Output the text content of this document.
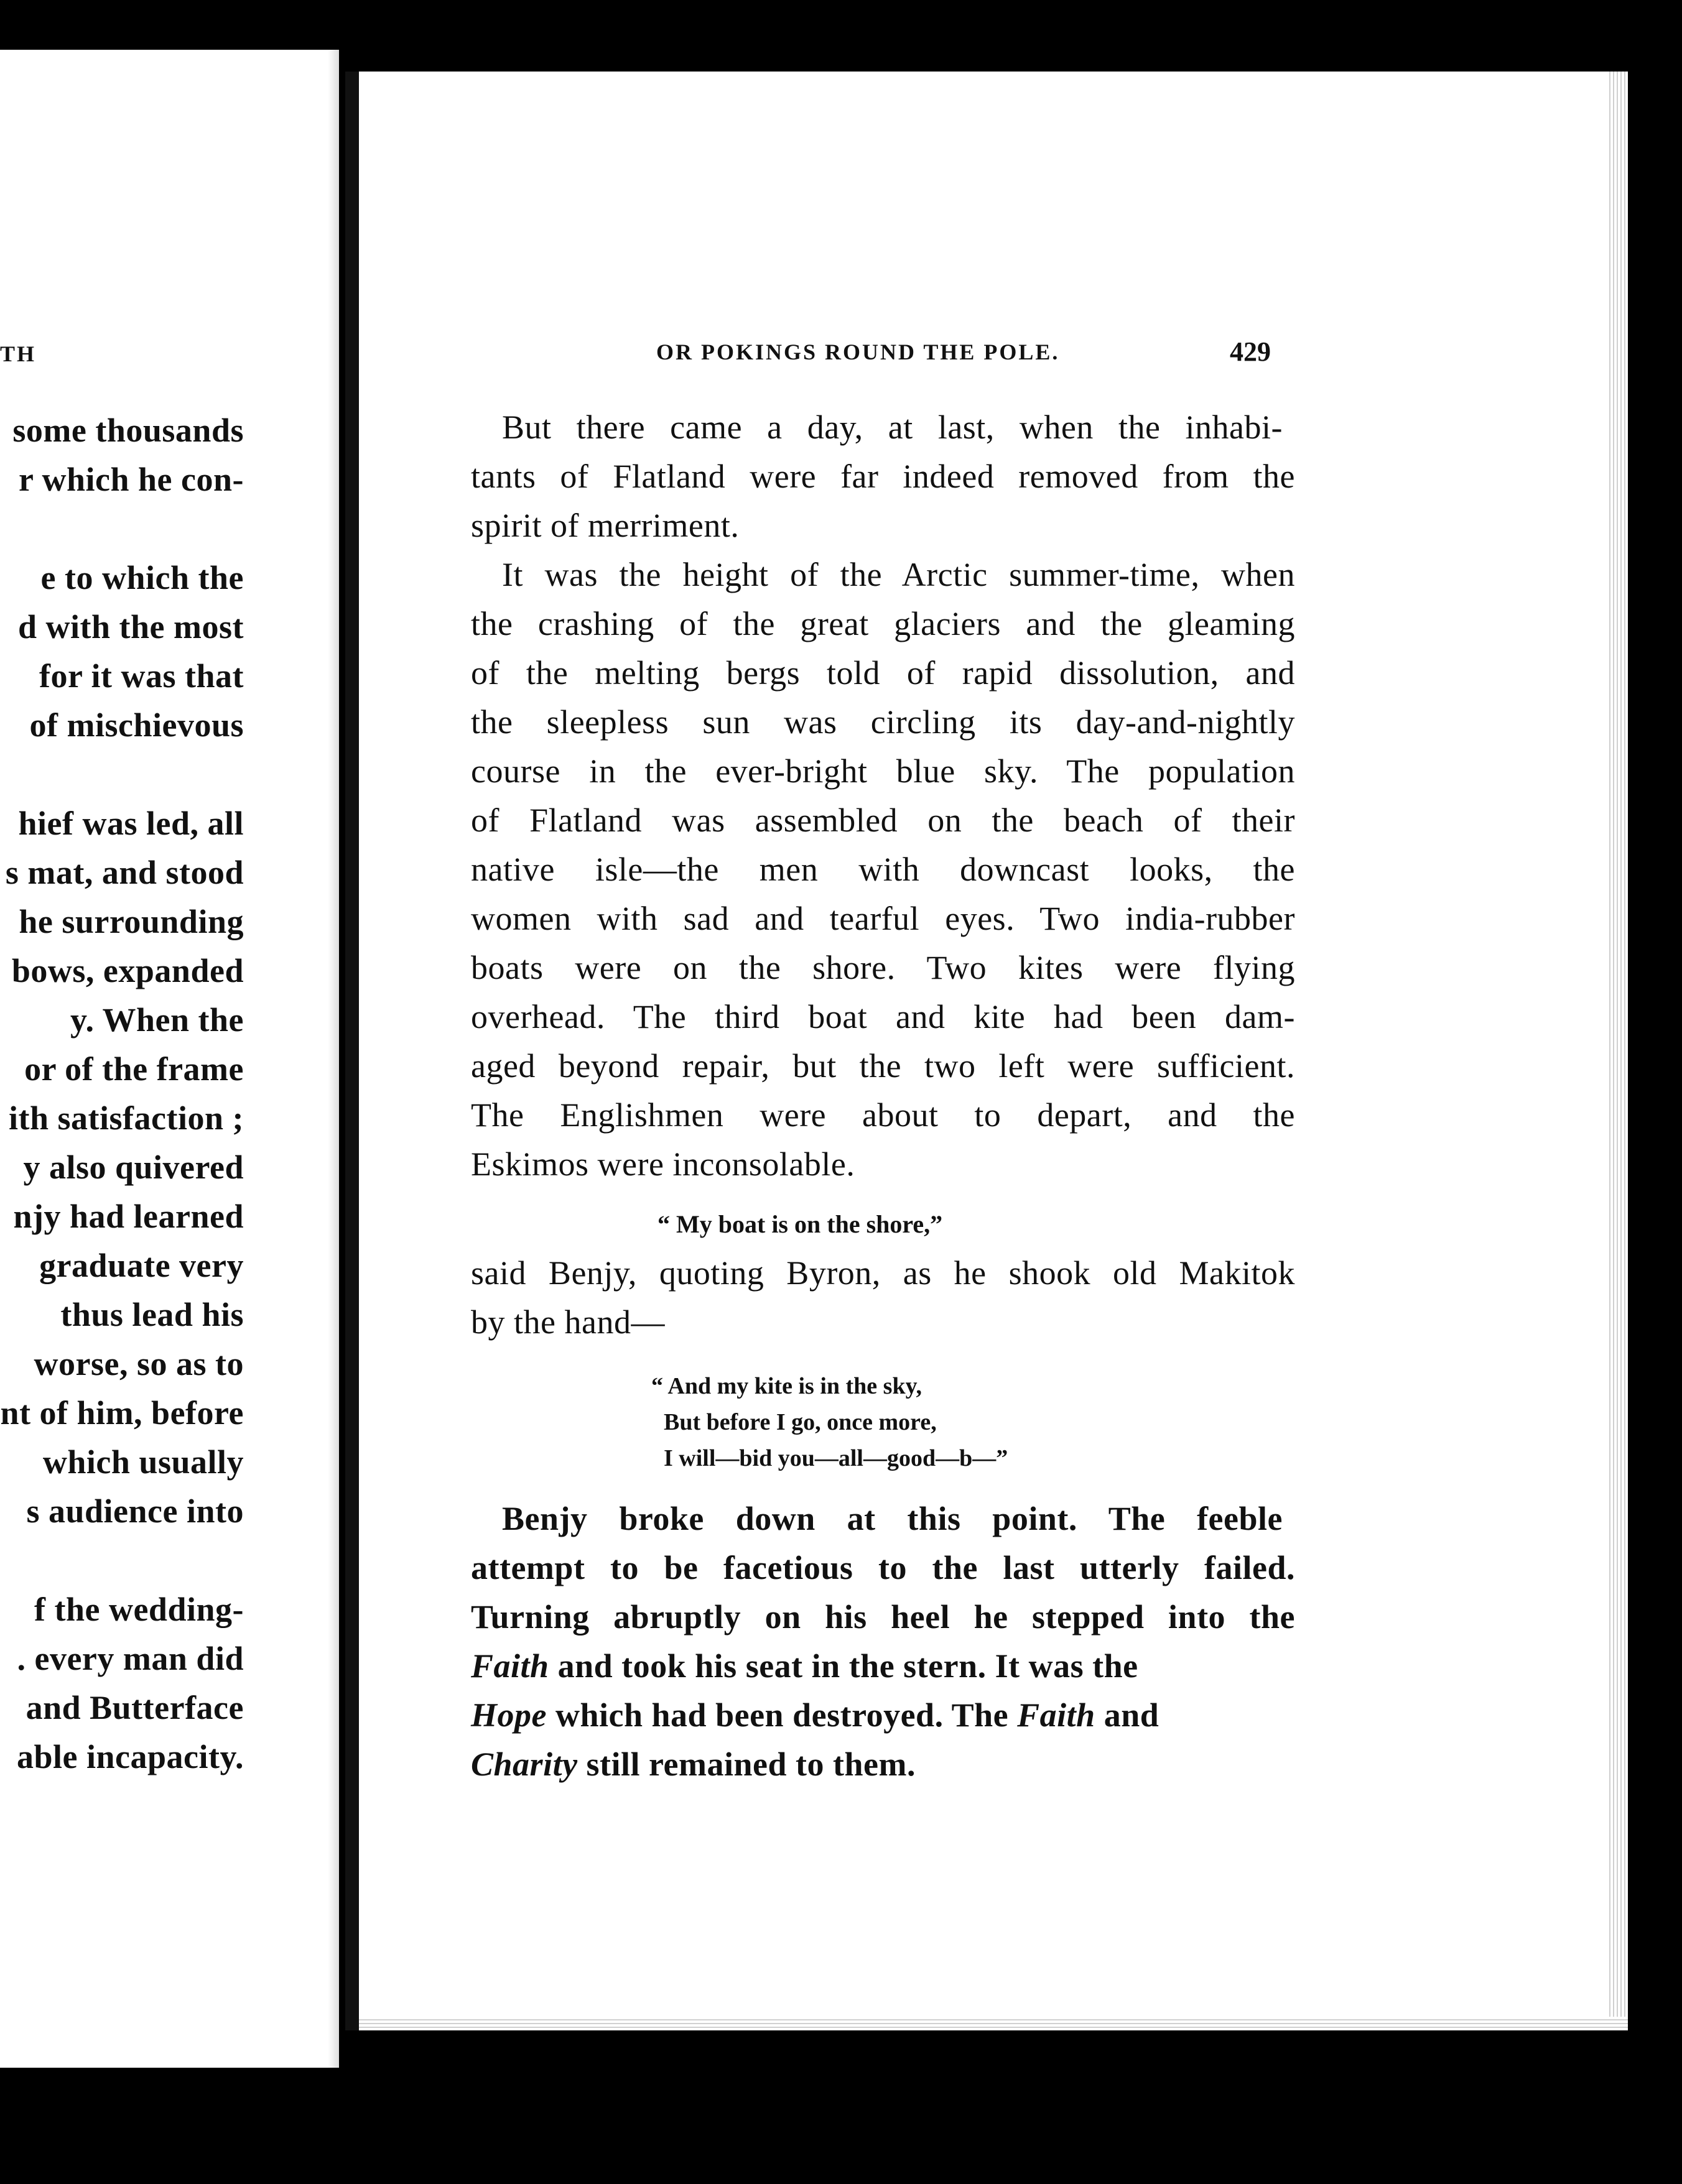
TH
some thousands
r which he con-
e to which the
d with the most
for it was that
of mischievous
hief was led, all
s mat, and stood
he surrounding
bows, expanded
y. When the
or of the frame
ith satisfaction ;
y also quivered
njy had learned
graduate very
thus lead his
worse, so as to
nt of him, before
which usually
s audience into
f the wedding-
. every man did
and Butterface
able incapacity.
OR POKINGS ROUND THE POLE.	429
But there came a day, at last, when the inhabi-
tants of Flatland were far indeed removed from the
spirit of merriment.
It was the height of the Arctic summer-time, when
the crashing of the great glaciers and the gleaming
of the melting bergs told of rapid dissolution, and
the sleepless sun was circling its day-and-nightly
course in the ever-bright blue sky. The population
of Flatland was assembled on the beach of their
native isle—the men with downcast looks, the
women with sad and tearful eyes. Two india-rubber
boats were on the shore. Two kites were flying
overhead. The third boat and kite had been dam-
aged beyond repair, but the two left were sufficient.
The Englishmen were about to depart, and the
Eskimos were inconsolable.
“ My boat is on the shore,”
said Benjy, quoting Byron, as he shook old Makitok
by the hand—
“ And my kite is in the sky,
But before I go, once more,
I will—bid you—all—good—b—”
Benjy broke down at this point. The feeble
attempt to be facetious to the last utterly failed.
Turning abruptly on his heel he stepped into the
Faith and took his seat in the stern. It was the
Hope which had been destroyed. The Faith and
Charity still remained to them.
